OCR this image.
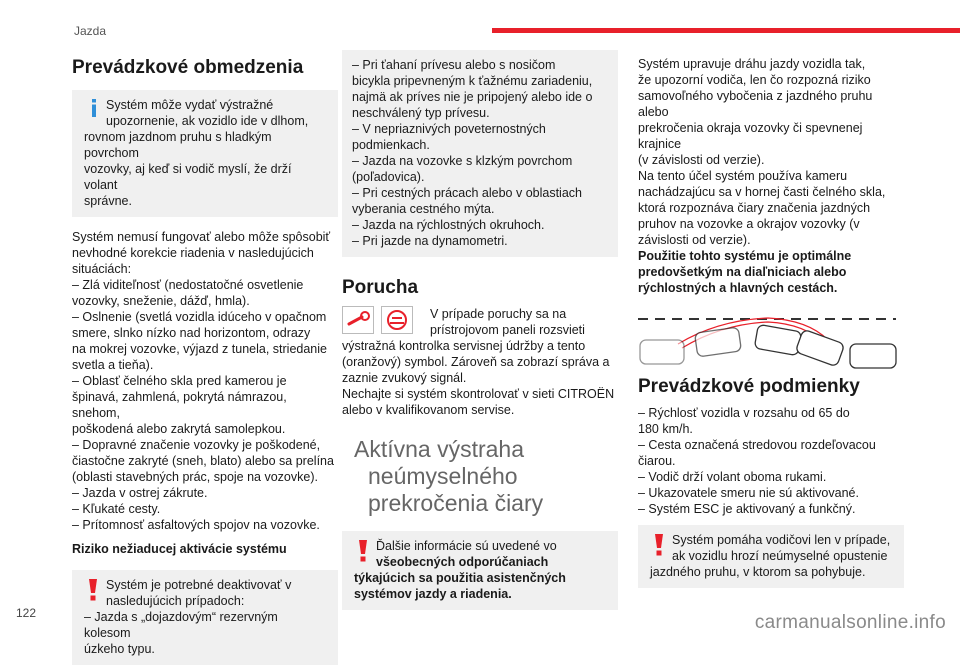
Jazda
Prevádzkové obmedzenia
Systém môže vydať výstražné
upozornenie, ak vozidlo ide v dlhom,
rovnom jazdnom pruhu s hladkým povrchom
vozovky, aj keď si vodič myslí, že drží volant
správne.
Systém nemusí fungovať alebo môže spôsobiť
nevhodné korekcie riadenia v nasledujúcich
situáciách:
– Zlá viditeľnosť (nedostatočné osvetlenie
vozovky, sneženie, dážď, hmla).
– Oslnenie (svetlá vozidla idúceho v opačnom
smere, slnko nízko nad horizontom, odrazy
na mokrej vozovke, výjazd z tunela, striedanie
svetla a tieňa).
– Oblasť čelného skla pred kamerou je
špinavá, zahmlená, pokrytá námrazou, snehom,
poškodená alebo zakrytá samolepkou.
– Dopravné značenie vozovky je poškodené,
čiastočne zakryté (sneh, blato) alebo sa prelína
(oblasti stavebných prác, spoje na vozovke).
– Jazda v ostrej zákrute.
– Kľukaté cesty.
– Prítomnosť asfaltových spojov na vozovke.
Riziko nežiaducej aktivácie systému
Systém je potrebné deaktivovať v
nasledujúcich prípadoch:
– Jazda s „dojazdovým“ rezervným kolesom
úzkeho typu.
– Pri ťahaní prívesu alebo s nosičom
bicykla pripevneným k ťažnému zariadeniu,
najmä ak príves nie je pripojený alebo ide o
neschválený typ prívesu.
– V nepriaznivých poveternostných
podmienkach.
– Jazda na vozovke s klzkým povrchom
(poľadovica).
– Pri cestných prácach alebo v oblastiach
vyberania cestného mýta.
– Jazda na rýchlostných okruhoch.
– Pri jazde na dynamometri.
Porucha

V prípade poruchy sa na
prístrojovom paneli rozsvieti
výstražná kontrolka servisnej údržby a tento
(oranžový) symbol. Zároveň sa zobrazí správa a
zaznie zvukový signál.
Nechajte si systém skontrolovať v sieti CITROËN
alebo v kvalifikovanom servise.
Aktívna výstraha
neúmyselného
prekročenia čiary
Ďalšie informácie sú uvedené vo
všeobecných odporúčaniach
týkajúcich sa použitia asistenčných
systémov jazdy a riadenia.
Systém upravuje dráhu jazdy vozidla tak,
že upozorní vodiča, len čo rozpozná riziko
samovoľného vybočenia z jazdného pruhu alebo
prekročenia okraja vozovky či spevnenej krajnice
(v závislosti od verzie).
Na tento účel systém používa kameru
nachádzajúcu sa v hornej časti čelného skla,
ktorá rozpoznáva čiary značenia jazdných
pruhov na vozovke a okrajov vozovky (v
závislosti od verzie).
Použitie tohto systému je optimálne
predovšetkým na diaľniciach alebo
rýchlostných a hlavných cestách.
Prevádzkové podmienky
– Rýchlosť vozidla v rozsahu od 65 do
180 km/h.
– Cesta označená stredovou rozdeľovacou
čiarou.
– Vodič drží volant oboma rukami.
– Ukazovatele smeru nie sú aktivované.
– Systém ESC je aktivovaný a funkčný.
Systém pomáha vodičovi len v prípade,
ak vozidlu hrozí neúmyselné opustenie
jazdného pruhu, v ktorom sa pohybuje.
122	carmanualsonline.info
